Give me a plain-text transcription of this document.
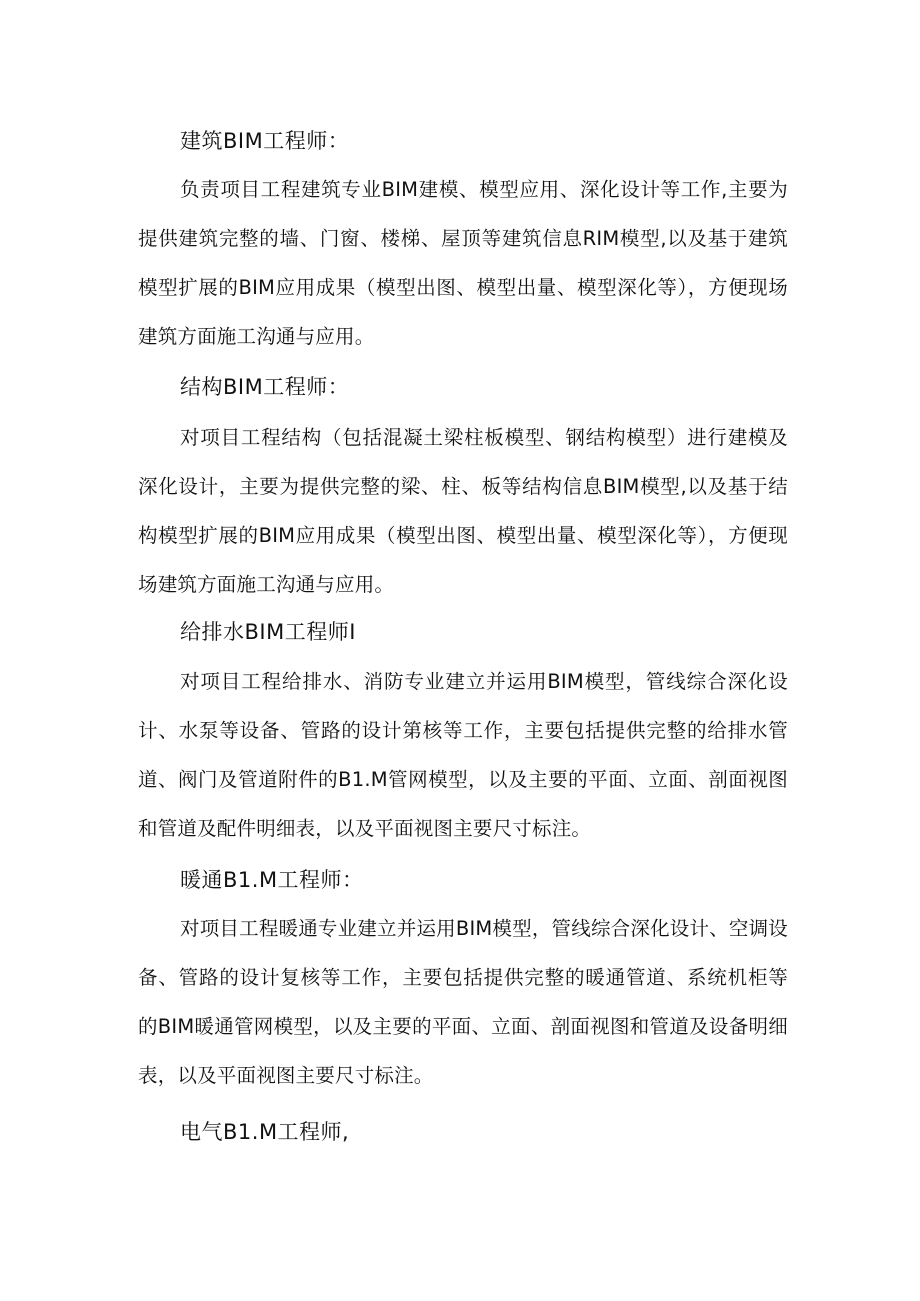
建筑BIM工程师：
负责项目工程建筑专业BIM建模、模型应用、深化设计等工作,主要为提供建筑完整的墙、门窗、楼梯、屋顶等建筑信息RIM模型,以及基于建筑模型扩展的BIM应用成果（模型出图、模型出量、模型深化等），方便现场建筑方面施工沟通与应用。
结构BIM工程师：
对项目工程结构（包括混凝土梁柱板模型、钢结构模型）进行建模及深化设计，主要为提供完整的梁、柱、板等结构信息BIM模型,以及基于结构模型扩展的BIM应用成果（模型出图、模型出量、模型深化等），方便现场建筑方面施工沟通与应用。
给排水BIM工程师I
对项目工程给排水、消防专业建立并运用BIM模型，管线综合深化设计、水泵等设备、管路的设计第核等工作，主要包括提供完整的给排水管道、阀门及管道附件的B1.M管网模型，以及主要的平面、立面、剖面视图和管道及配件明细表，以及平面视图主要尺寸标注。
暖通B1.M工程师：
对项目工程暖通专业建立并运用BIM模型，管线综合深化设计、空调设备、管路的设计复核等工作，主要包括提供完整的暖通管道、系统机柜等的BIM暖通管网模型，以及主要的平面、立面、剖面视图和管道及设备明细表，以及平面视图主要尺寸标注。
电气B1.M工程师,
